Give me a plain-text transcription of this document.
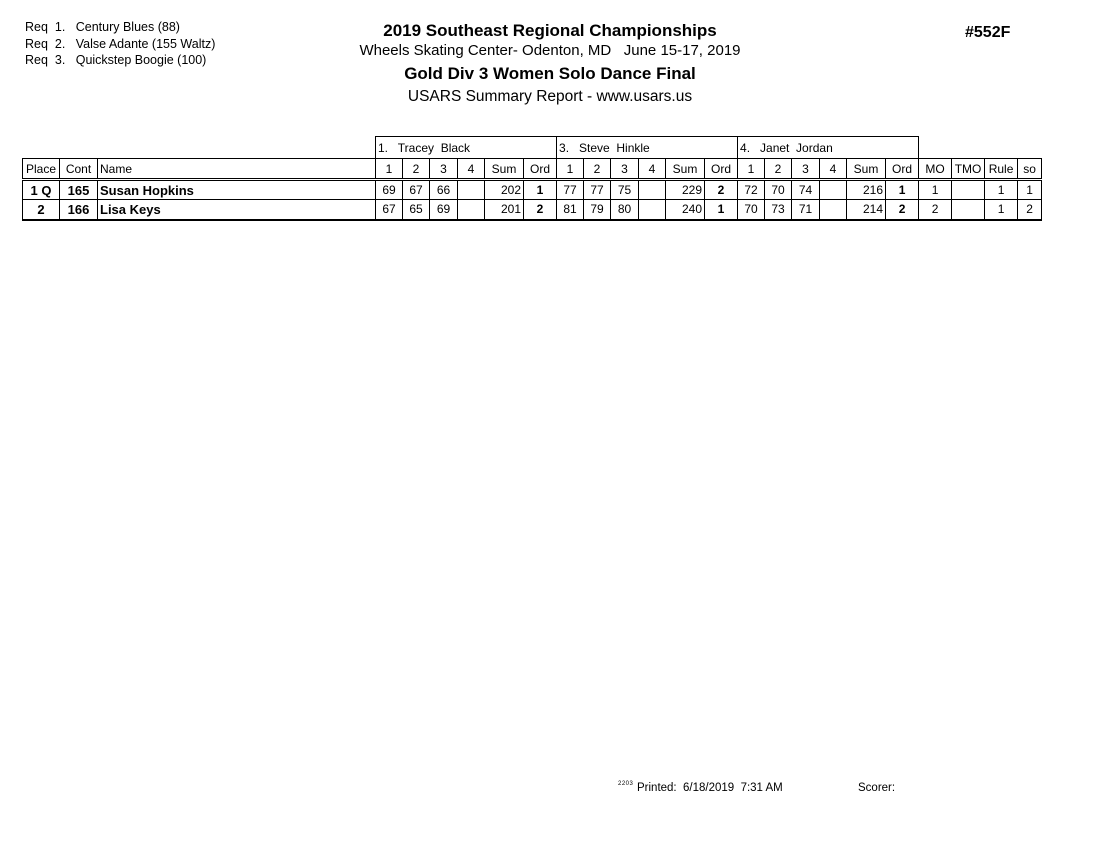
Req  1.   Century Blues (88)
Req  2.   Valse Adante (155 Waltz)
Req  3.   Quickstep Boogie (100)
2019 Southeast Regional Championships
Wheels Skating Center- Odenton, MD   June 15-17, 2019
Gold Div 3 Women Solo Dance Final
USARS Summary Report - www.usars.us
#552F
			1.   Tracey  Black						3.   Steve  Hinkle						4.   Janet  Jordan									
Place	Cont	Name	1	2	3	4	Sum	Ord	1	2	3	4	Sum	Ord	1	2	3	4	Sum	Ord	MO	TMO	Rule	so
1 Q	165	Susan Hopkins	69	67	66		202	1	77	77	75		229	2	72	70	74		216	1	1		1	1
2	166	Lisa Keys	67	65	69		201	2	81	79	80		240	1	70	73	71		214	2	2		1	2
2203 Printed:  6/18/2019  7:31 AM	Scorer:
